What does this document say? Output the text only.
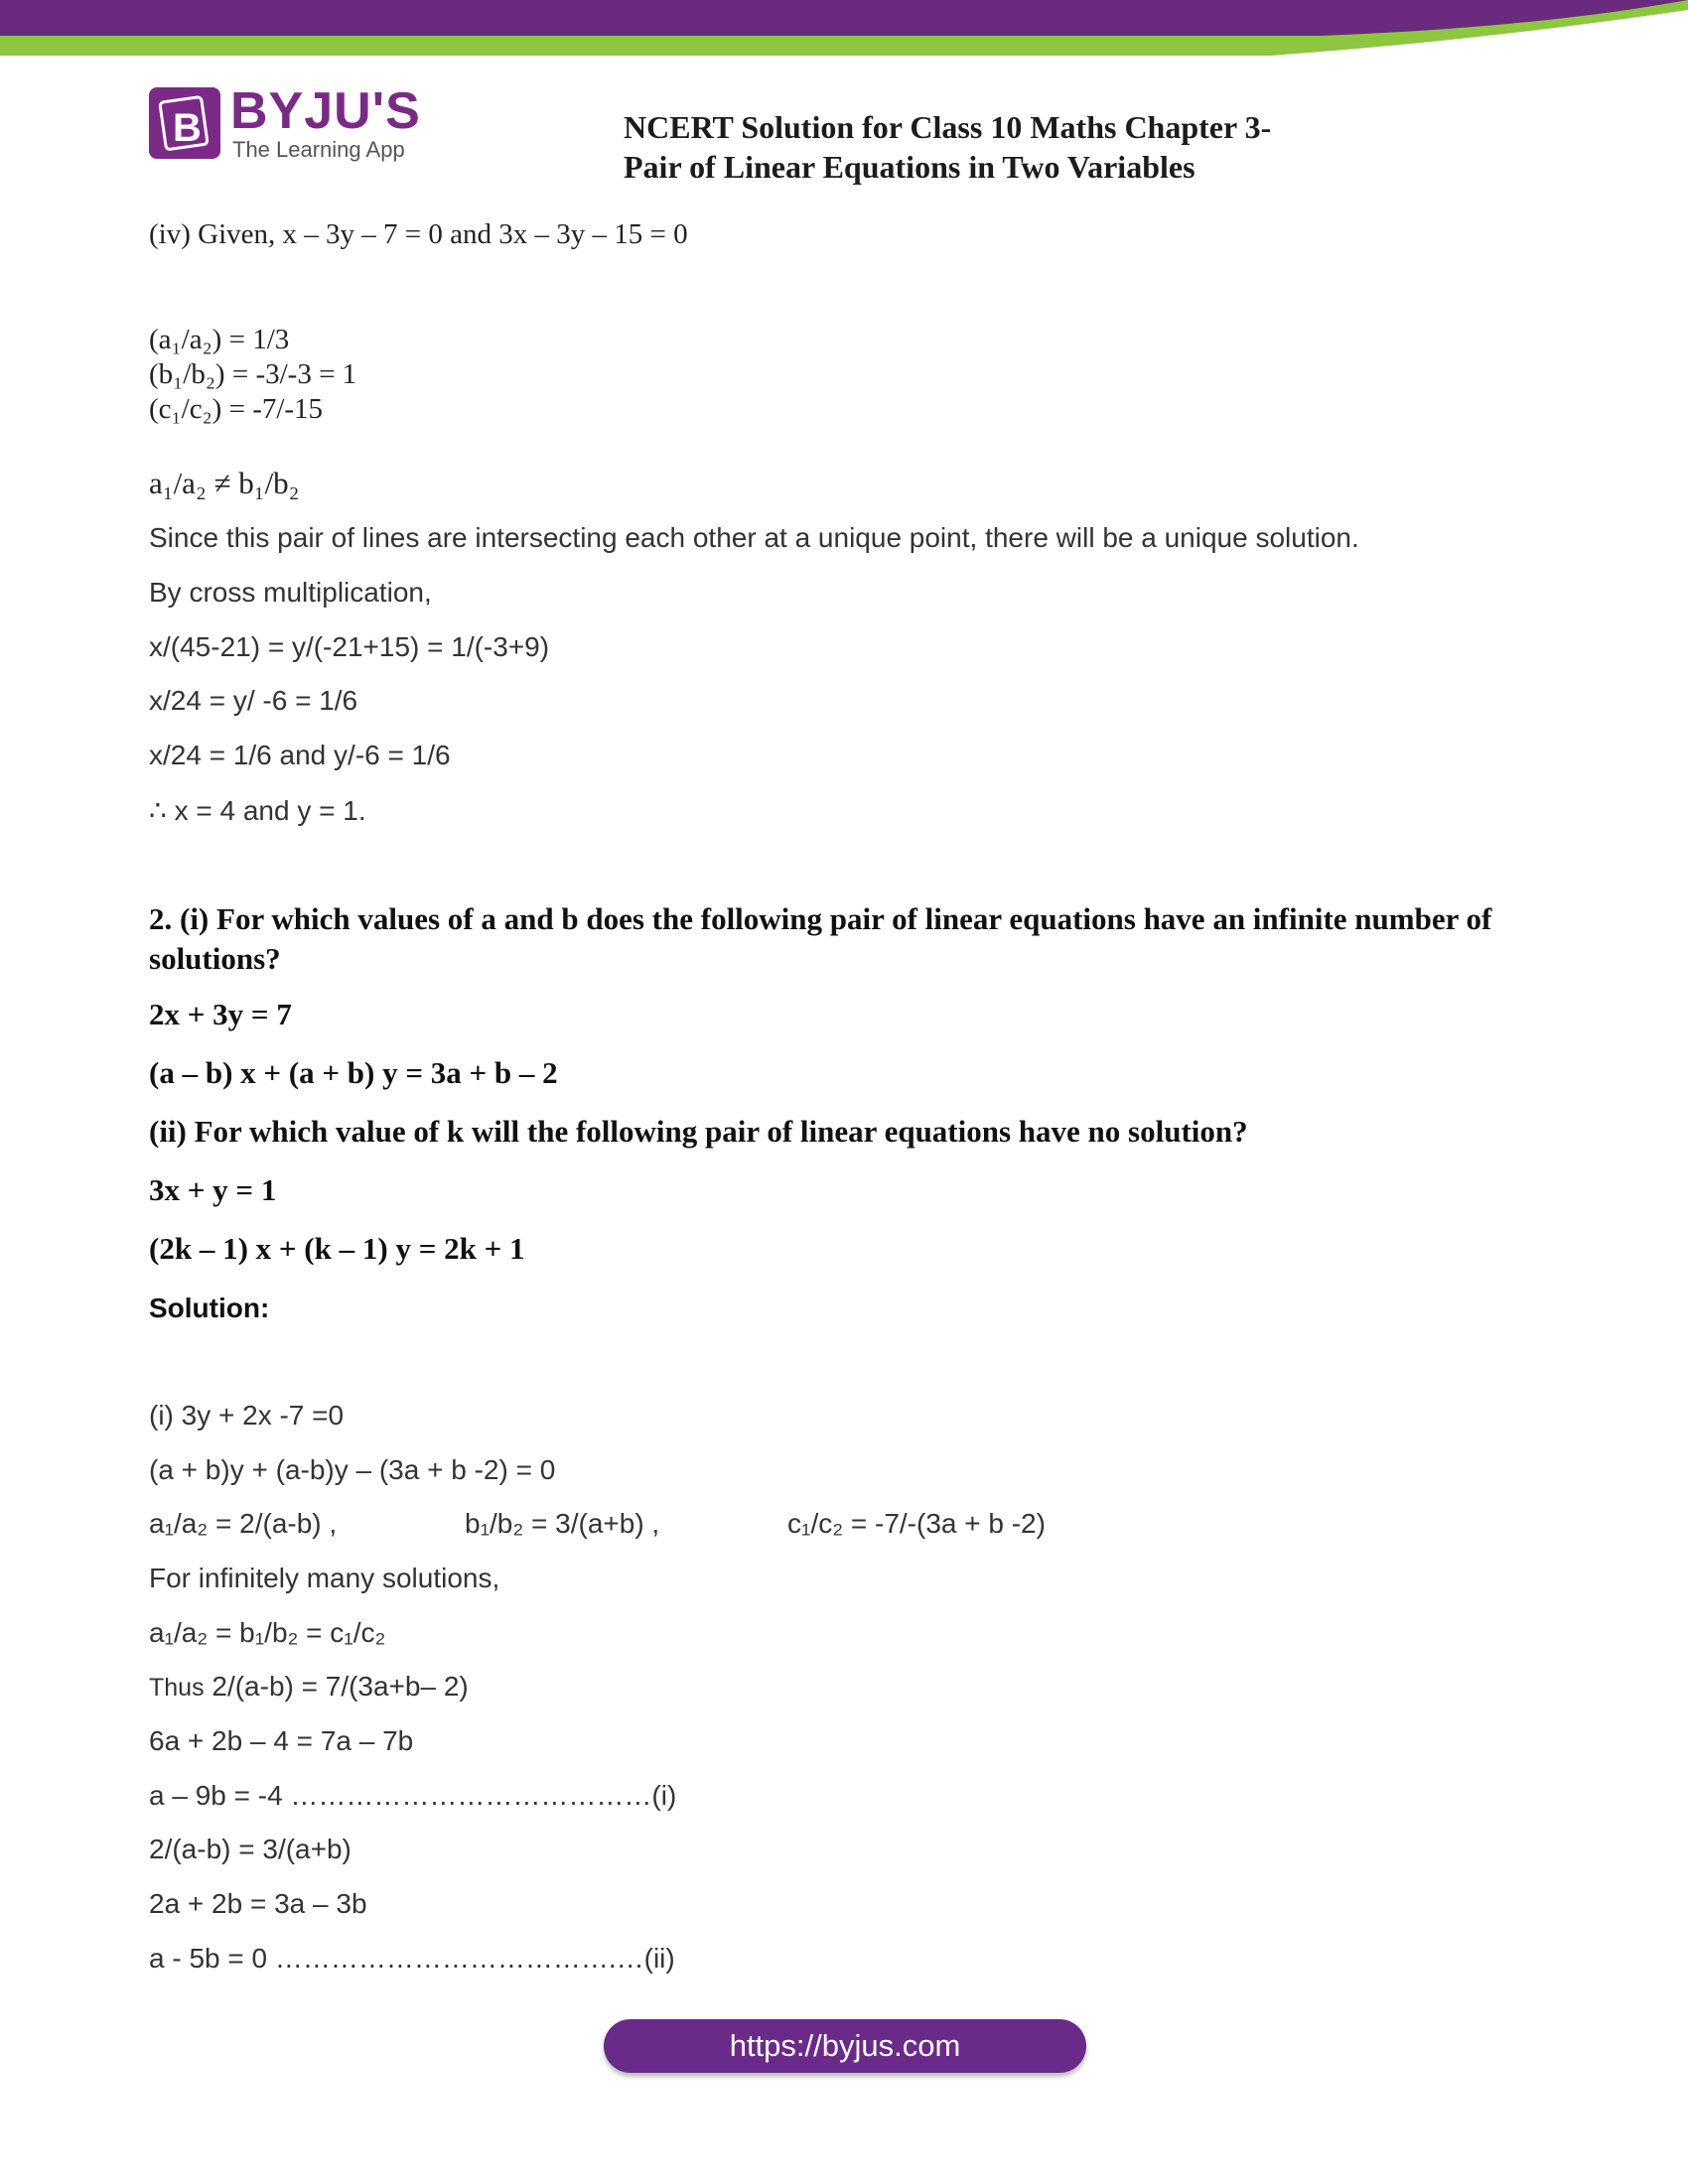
B BYJU'S
The Learning App
NCERT Solution for Class 10 Maths Chapter 3-
Pair of Linear Equations in Two Variables
(iv) Given, x – 3y – 7 = 0 and 3x – 3y – 15 = 0
(a₁/a₂) = 1/3
(b₁/b₂) = -3/-3 = 1
(c₁/c₂) = -7/-15
a₁/a₂ ≠ b₁/b₂
Since this pair of lines are intersecting each other at a unique point, there will be a unique solution.
By cross multiplication,
x/(45-21) = y/(-21+15) = 1/(-3+9)
x/24 = y/ -6 = 1/6
x/24 = 1/6 and y/-6 = 1/6
∴ x = 4 and y = 1.
2. (i) For which values of a and b does the following pair of linear equations have an infinite number of solutions?
2x + 3y = 7
(a – b) x + (a + b) y = 3a + b – 2
(ii) For which value of k will the following pair of linear equations have no solution?
3x + y = 1
(2k – 1) x + (k – 1) y = 2k + 1
Solution:
(i) 3y + 2x -7 =0
(a + b)y + (a-b)y – (3a + b -2) = 0
a₁/a₂ = 2/(a-b) ,	b₁/b₂ = 3/(a+b) ,	c₁/c₂ = -7/-(3a + b -2)
For infinitely many solutions,
a₁/a₂ = b₁/b₂ = c₁/c₂
Thus 2/(a-b) = 7/(3a+b– 2)
6a + 2b – 4 = 7a – 7b
a – 9b = -4 …………………………………(i)
2/(a-b) = 3/(a+b)
2a + 2b = 3a – 3b
a - 5b = 0 ……………………………….…(ii)
https://byjus.com
